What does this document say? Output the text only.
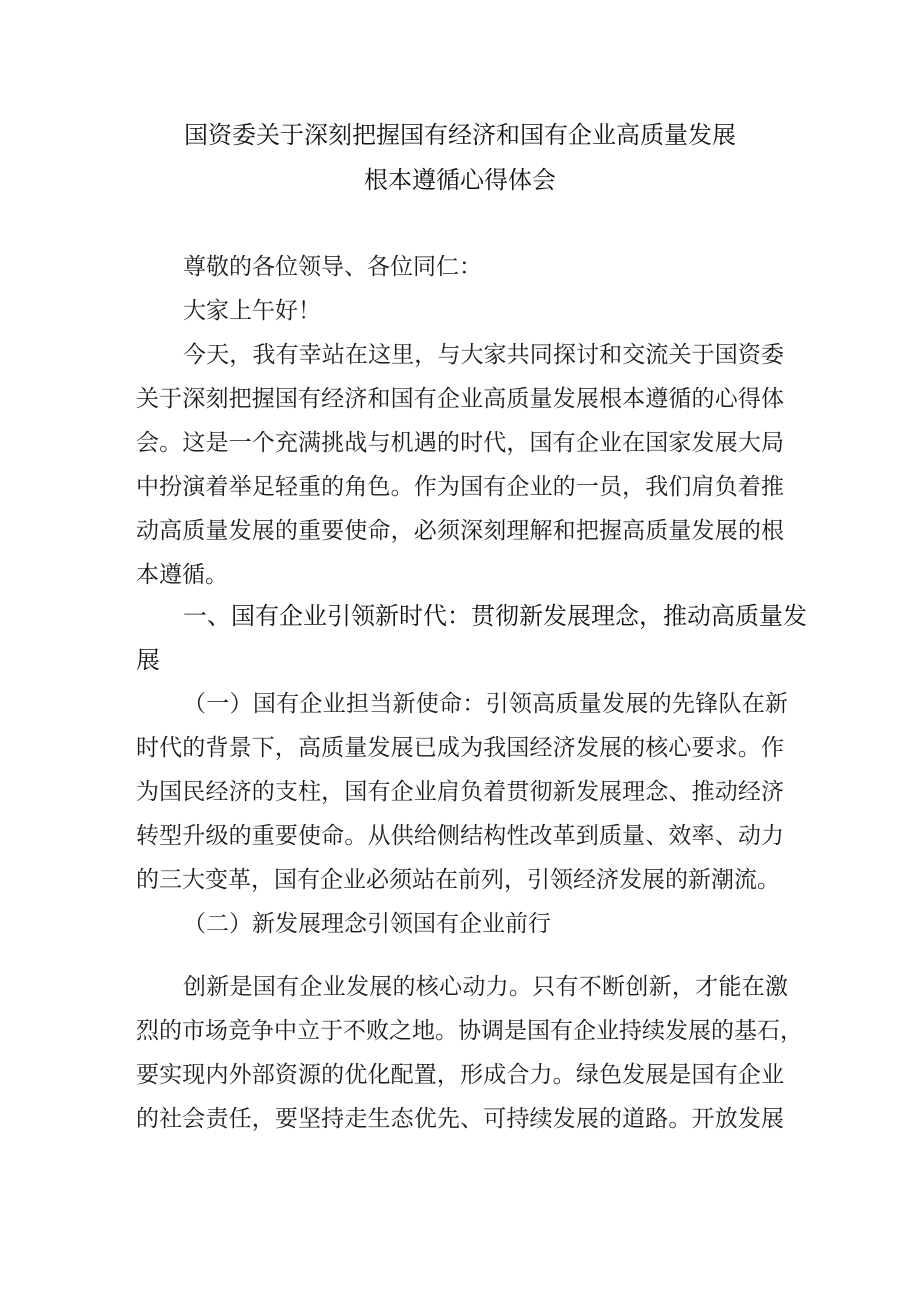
国资委关于深刻把握国有经济和国有企业高质量发展
根本遵循心得体会
尊敬的各位领导、各位同仁：
大家上午好！
今天，我有幸站在这里，与大家共同探讨和交流关于国资委
关于深刻把握国有经济和国有企业高质量发展根本遵循的心得体
会。这是一个充满挑战与机遇的时代，国有企业在国家发展大局
中扮演着举足轻重的角色。作为国有企业的一员，我们肩负着推
动高质量发展的重要使命，必须深刻理解和把握高质量发展的根
本遵循。
一、国有企业引领新时代：贯彻新发展理念，推动高质量发
展
（一）国有企业担当新使命：引领高质量发展的先锋队在新
时代的背景下，高质量发展已成为我国经济发展的核心要求。作
为国民经济的支柱，国有企业肩负着贯彻新发展理念、推动经济
转型升级的重要使命。从供给侧结构性改革到质量、效率、动力
的三大变革，国有企业必须站在前列，引领经济发展的新潮流。
（二）新发展理念引领国有企业前行
创新是国有企业发展的核心动力。只有不断创新，才能在激
烈的市场竞争中立于不败之地。协调是国有企业持续发展的基石，
要实现内外部资源的优化配置，形成合力。绿色发展是国有企业
的社会责任，要坚持走生态优先、可持续发展的道路。开放发展
